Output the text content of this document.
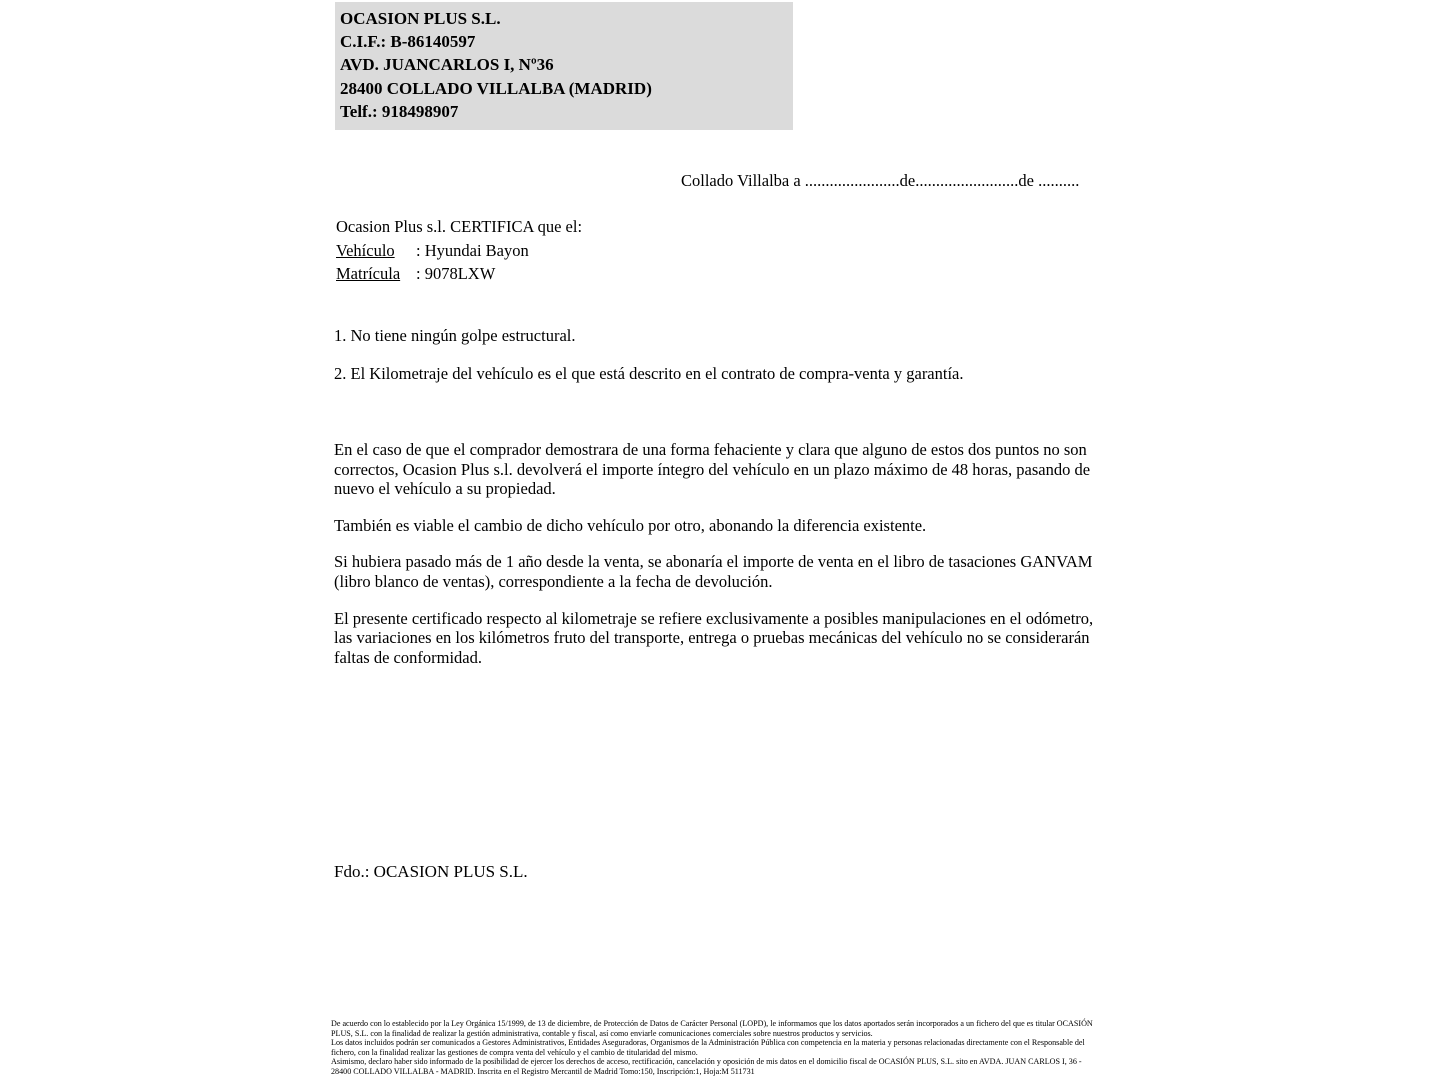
OCASION PLUS S.L.
C.I.F.: B-86140597
AVD. JUANCARLOS I, Nº36
28400 COLLADO VILLALBA (MADRID)
Telf.: 918498907
Collado Villalba a .......................de.........................de ..........
Ocasion Plus s.l. CERTIFICA que el:
Vehículo : Hyundai Bayon
Matrícula : 9078LXW
1. No tiene ningún golpe estructural.
2. El Kilometraje del vehículo es el que está descrito en el contrato de compra-venta y garantía.

En el caso de que el comprador demostrara de una forma fehaciente y clara que alguno de estos dos puntos no son correctos, Ocasion Plus s.l. devolverá el importe íntegro del vehículo en un plazo máximo de 48 horas, pasando de nuevo el vehículo a su propiedad.

También es viable el cambio de dicho vehículo por otro, abonando la diferencia existente.

Si hubiera pasado más de 1 año desde la venta, se abonaría el importe de venta en el libro de tasaciones GANVAM (libro blanco de ventas), correspondiente a la fecha de devolución.

El presente certificado respecto al kilometraje se refiere exclusivamente a posibles manipulaciones en el odómetro, las variaciones en los kilómetros fruto del transporte, entrega o pruebas mecánicas del vehículo no se considerarán faltas de conformidad.

Fdo.: OCASION PLUS S.L.

De acuerdo con lo establecido por la Ley Orgánica 15/1999, de 13 de diciembre, de Protección de Datos de Carácter Personal (LOPD), le informamos que los datos aportados serán incorporados a un fichero del que es titular OCASIÓN PLUS, S.L. con la finalidad de realizar la gestión administrativa, contable y fiscal, así como enviarle comunicaciones comerciales sobre nuestros productos y servicios.

Los datos incluidos podrán ser comunicados a Gestores Administrativos, Entidades Aseguradoras, Organismos de la Administración Pública con competencia en la materia y personas relacionadas directamente con el Responsable del fichero, con la finalidad realizar las gestiones de compra venta del vehículo y el cambio de titularidad del mismo.

Asimismo, declaro haber sido informado de la posibilidad de ejercer los derechos de acceso, rectificación, cancelación y oposición de mis datos en el domicilio fiscal de OCASIÓN PLUS, S.L. sito en AVDA. JUAN CARLOS I, 36 - 28400 COLLADO VILLALBA - MADRID. Inscrita en el Registro Mercantil de Madrid Tomo:150, Inscripción:1, Hoja:M 511731
